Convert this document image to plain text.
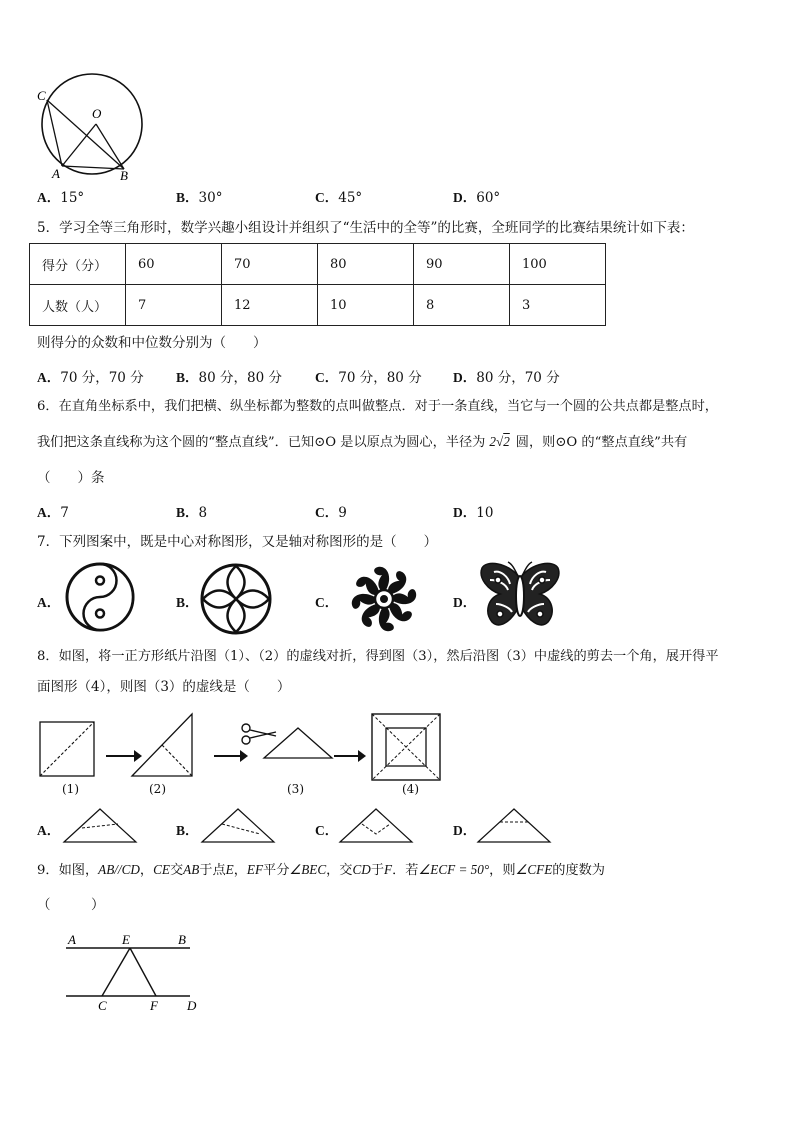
C
O
A	B
A．15°	B．30°	C．45°	D．60°
5．学习全等三角形时，数学兴趣小组设计并组织了“生活中的全等”的比赛，全班同学的比赛结果统计如下表：
得分（分）	60	70	80	90	100
人数（人）	7	12	10	8	3
则得分的众数和中位数分别为（　　）
A．70 分，70 分 B．80 分，80 分 C．70 分，80 分 D．80 分，70 分
6．在直角坐标系中，我们把横、纵坐标都为整数的点叫做整点．对于一条直线，当它与一个圆的公共点都是整点时，
我们把这条直线称为这个圆的“整点直线”．已知⊙O 是以原点为圆心，半径为 2√2 圆，则⊙O 的“整点直线”共有
（　　）条
A．7	B．8	C．9	D．10
7．下列图案中，既是中心对称图形，又是轴对称图形的是（　　）
A．	B．	C．	D．
8．如图，将一正方形纸片沿图（1）、（2）的虚线对折，得到图（3），然后沿图（3）中虚线的剪去一个角，展开得平
面图形（4），则图（3）的虚线是（　　）
(1)	(2)	(3)	(4)
A．	B．	C．	D．
9．如图，AB//CD，CE交AB于点E，EF平分∠BEC，交CD于F．若∠ECF = 50°，则∠CFE的度数为
（　　　）
A	E	B
C	F D
